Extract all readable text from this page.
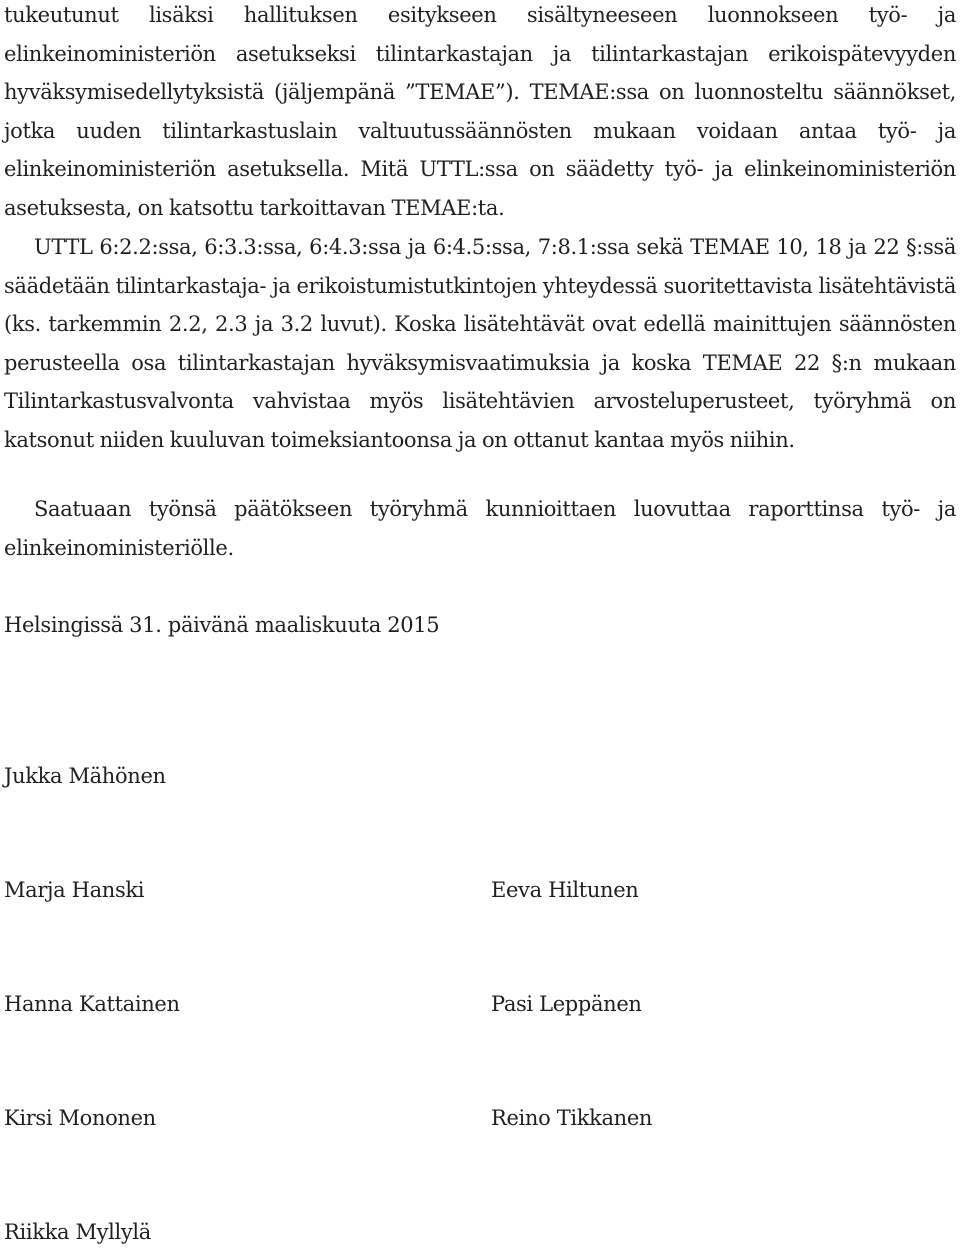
tukeutunut lisäksi hallituksen esitykseen sisältyneeseen luonnokseen työ- ja elinkeinoministeriön asetukseksi tilintarkastajan ja tilintarkastajan erikoispätevyyden hyväksymisedellytyksistä (jäljempänä ”TEMAE”). TEMAE:ssa on luonnosteltu säännökset, jotka uuden tilintarkastuslain valtuutussäännösten mukaan voidaan antaa työ- ja elinkeinoministeriön asetuksella. Mitä UTTL:ssa on säädetty työ- ja elinkeinoministeriön asetuksesta, on katsottu tarkoittavan TEMAE:ta.

UTTL 6:2.2:ssa, 6:3.3:ssa, 6:4.3:ssa ja 6:4.5:ssa, 7:8.1:ssa sekä TEMAE 10, 18 ja 22 §:ssä säädetään tilintarkastaja- ja erikoistumistutkintojen yhteydessä suoritettavista lisätehtävistä (ks. tarkemmin 2.2, 2.3 ja 3.2 luvut). Koska lisätehtävät ovat edellä mainittujen säännösten perusteella osa tilintarkastajan hyväksymisvaatimuksia ja koska TEMAE 22 §:n mukaan Tilintarkastusvalvonta vahvistaa myös lisätehtävien arvosteluperusteet, työryhmä on katsonut niiden kuuluvan toimeksiantoonsa ja on ottanut kantaa myös niihin.

Saatuaan työnsä päätökseen työryhmä kunnioittaen luovuttaa raporttinsa työ- ja elinkeinoministeriölle.

Helsingissä 31. päivänä maaliskuuta 2015
Jukka Mähönen
Marja Hanski	Eeva Hiltunen
Hanna Kattainen	Pasi Leppänen
Kirsi Mononen	Reino Tikkanen
Riikka Myllylä
